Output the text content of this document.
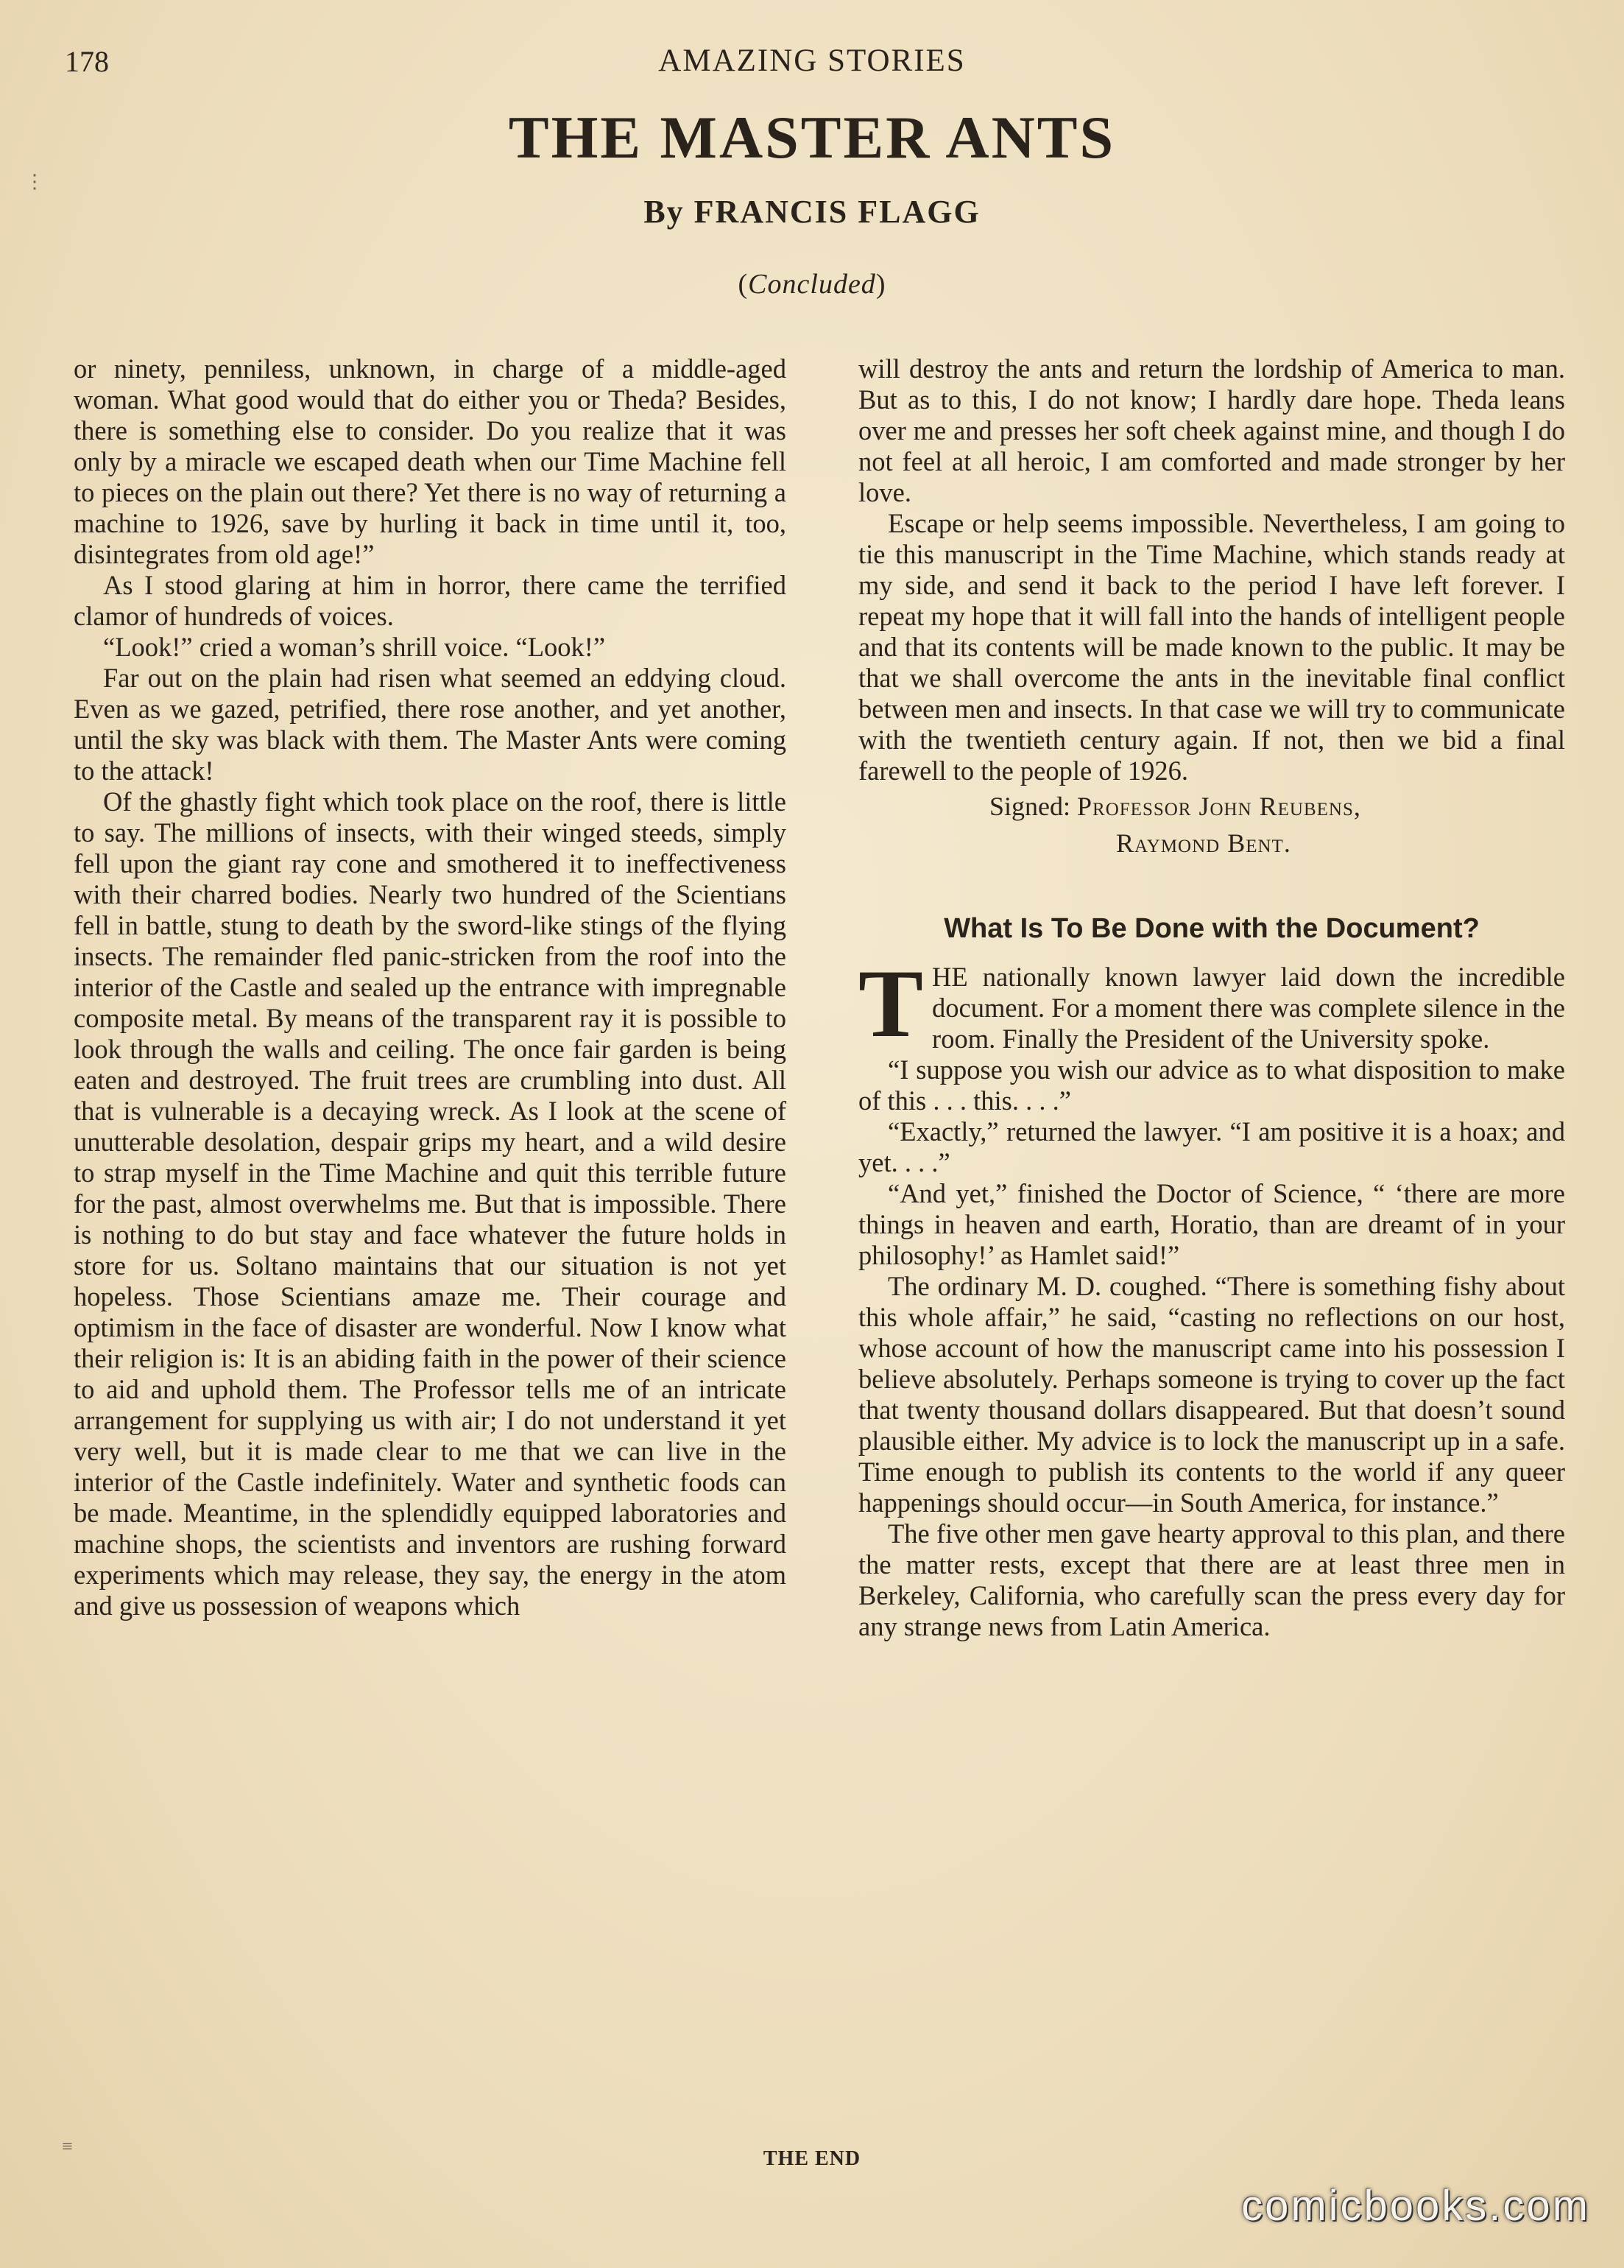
178	AMAZING STORIES
THE MASTER ANTS
By FRANCIS FLAGG
(Concluded)
⋮
≡

or ninety, penniless, unknown, in charge of a middle-aged woman. What good would that do either you or Theda? Besides, there is something else to consider. Do you realize that it was only by a miracle we escaped death when our Time Machine fell to pieces on the plain out there? Yet there is no way of returning a machine to 1926, save by hurling it back in time until it, too, disintegrates from old age!”

As I stood glaring at him in horror, there came the terrified clamor of hundreds of voices.

“Look!” cried a woman’s shrill voice. “Look!”

Far out on the plain had risen what seemed an eddying cloud. Even as we gazed, petrified, there rose another, and yet another, until the sky was black with them. The Master Ants were coming to the attack!

Of the ghastly fight which took place on the roof, there is little to say. The millions of insects, with their winged steeds, simply fell upon the giant ray cone and smothered it to ineffectiveness with their charred bodies. Nearly two hundred of the Scientians fell in battle, stung to death by the sword-like stings of the flying insects. The remainder fled panic-stricken from the roof into the interior of the Castle and sealed up the entrance with impregnable composite metal. By means of the transparent ray it is possible to look through the walls and ceiling. The once fair garden is being eaten and destroyed. The fruit trees are crumbling into dust. All that is vulnerable is a decaying wreck. As I look at the scene of unutterable desolation, despair grips my heart, and a wild desire to strap myself in the Time Machine and quit this terrible future for the past, almost overwhelms me. But that is impossible. There is nothing to do but stay and face whatever the future holds in store for us. Soltano maintains that our situation is not yet hopeless. Those Scientians amaze me. Their courage and optimism in the face of disaster are wonderful. Now I know what their religion is: It is an abiding faith in the power of their science to aid and uphold them. The Professor tells me of an intricate arrangement for supplying us with air; I do not understand it yet very well, but it is made clear to me that we can live in the interior of the Castle indefinitely. Water and synthetic foods can be made. Meantime, in the splendidly equipped laboratories and machine shops, the scientists and inventors are rushing forward experiments which may release, they say, the energy in the atom and give us possession of weapons which

will destroy the ants and return the lordship of America to man. But as to this, I do not know; I hardly dare hope. Theda leans over me and presses her soft cheek against mine, and though I do not feel at all heroic, I am comforted and made stronger by her love.

Escape or help seems impossible. Nevertheless, I am going to tie this manuscript in the Time Machine, which stands ready at my side, and send it back to the period I have left forever. I repeat my hope that it will fall into the hands of intelligent people and that its contents will be made known to the public. It may be that we shall overcome the ants in the inevitable final conflict between men and insects. In that case we will try to communicate with the twentieth century again. If not, then we bid a final farewell to the people of 1926.

Signed: Professor John Reubens,
Raymond Bent.
What Is To Be Done with the Document?

THE nationally known lawyer laid down the incredible document. For a moment there was complete silence in the room. Finally the President of the University spoke.

“I suppose you wish our advice as to what disposition to make of this . . . this. . . .”

“Exactly,” returned the lawyer. “I am positive it is a hoax; and yet. . . .”

“And yet,” finished the Doctor of Science, “ ‘there are more things in heaven and earth, Horatio, than are dreamt of in your philosophy!’ as Hamlet said!”

The ordinary M. D. coughed. “There is something fishy about this whole affair,” he said, “casting no reflections on our host, whose account of how the manuscript came into his possession I believe absolutely. Perhaps someone is trying to cover up the fact that twenty thousand dollars disappeared. But that doesn’t sound plausible either. My advice is to lock the manuscript up in a safe. Time enough to publish its contents to the world if any queer happenings should occur—in South America, for instance.”

The five other men gave hearty approval to this plan, and there the matter rests, except that there are at least three men in Berkeley, California, who carefully scan the press every day for any strange news from Latin America.

THE END
comicbooks.com
